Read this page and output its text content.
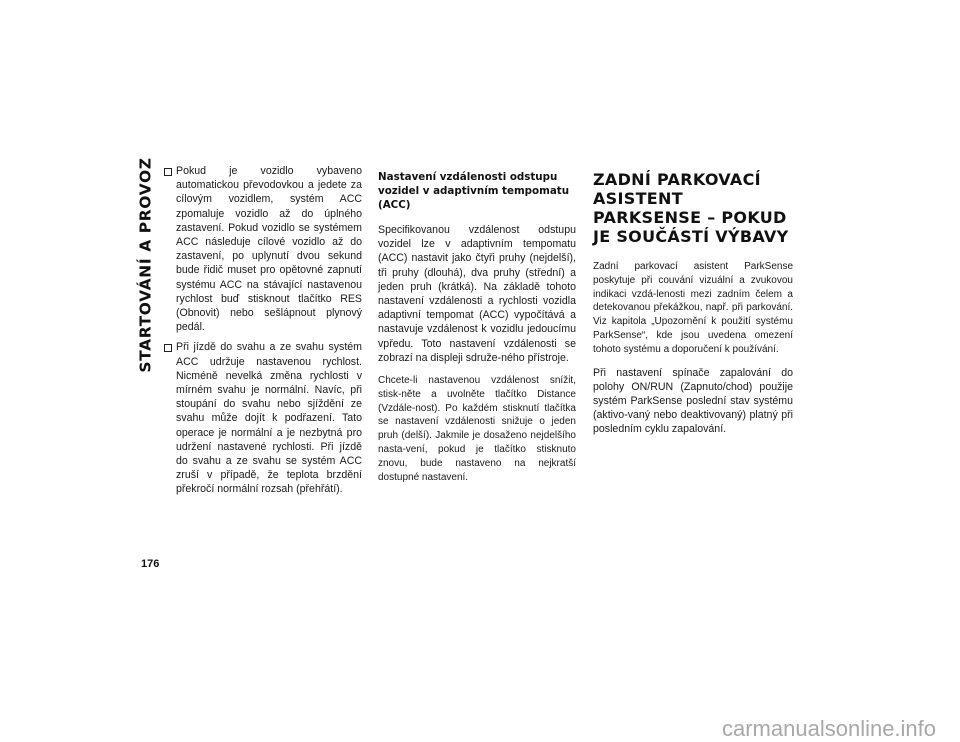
STARTOVÁNÍ A PROVOZ
176
Pokud je vozidlo vybaveno automatickou převodovkou a jedete za cílovým vozidlem, systém ACC zpomaluje vozidlo až do úplného zastavení. Pokud vozidlo se systémem ACC následuje cílové vozidlo až do zastavení, po uplynutí dvou sekund bude řidič muset pro opětovné zapnutí systému ACC na stávající nastavenou rychlost buď stisknout tlačítko RES (Obnovit) nebo sešlápnout plynový pedál.
Při jízdě do svahu a ze svahu systém ACC udržuje nastavenou rychlost. Nicméně nevelká změna rychlosti v mírném svahu je normální. Navíc, při stoupání do svahu nebo sjíždění ze svahu může dojít k podřazení. Tato operace je normální a je nezbytná pro udržení nastavené rychlosti. Při jízdě do svahu a ze svahu se systém ACC zruší v případě, že teplota brzdění překročí normální rozsah (přehřátí).
Nastavení vzdálenosti odstupu vozidel v adaptivním tempomatu (ACC)

Specifikovanou vzdálenost odstupu vozidel lze v adaptivním tempomatu (ACC) nastavit jako čtyři pruhy (nejdelší), tři pruhy (dlouhá), dva pruhy (střední) a jeden pruh (krátká). Na základě tohoto nastavení vzdálenosti a rychlosti vozidla adaptivní tempomat (ACC) vypočítává a nastavuje vzdálenost k vozidlu jedoucímu vpředu. Toto nastavení vzdálenosti se zobrazí na displeji sdruže-ného přístroje.

Chcete-li nastavenou vzdálenost snížit, stisk-něte a uvolněte tlačítko Distance (Vzdále-nost). Po každém stisknutí tlačítka se nastavení vzdálenosti snižuje o jeden pruh (delší). Jakmile je dosaženo nejdelšího nasta-vení, pokud je tlačítko stisknuto znovu, bude nastaveno na nejkratší dostupné nastavení.

ZADNÍ PARKOVACÍ ASISTENT PARKSENSE – POKUD JE SOUČÁSTÍ VÝBAVY

Zadní parkovací asistent ParkSense poskytuje při couvání vizuální a zvukovou indikaci vzdá-lenosti mezi zadním čelem a detekovanou překážkou, např. při parkování. Viz kapitola „Upozornění k použití systému ParkSense“, kde jsou uvedena omezení tohoto systému a doporučení k používání.

Při nastavení spínače zapalování do polohy ON/RUN (Zapnuto/chod) použije systém ParkSense poslední stav systému (aktivo-vaný nebo deaktivovaný) platný při posledním cyklu zapalování.

carmanualsonline.info
